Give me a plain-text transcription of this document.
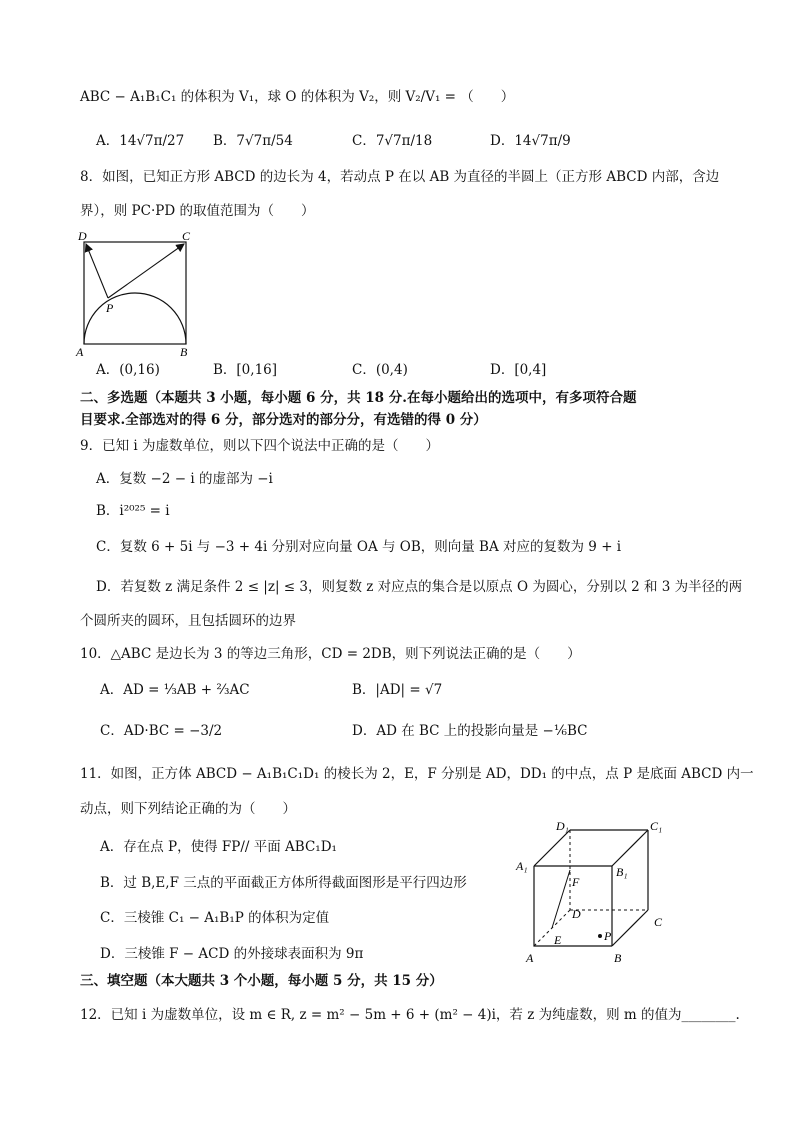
ABC − A₁B₁C₁ 的体积为 V₁，球 O 的体积为 V₂，则 V₂/V₁ = （　　）
A．14√7π/27 B．7√7π/54	C．7√7π/18	D．14√7π/9
8．如图，已知正方形 ABCD 的边长为 4，若动点 P 在以 AB 为直径的半圆上（正方形 ABCD 内部，含边
界），则 PC·PD 的取值范围为（　　）
D	C
A	B
P
A．(0,16)	B．[0,16]	C．(0,4)	D．[0,4]
二、多选题（本题共 3 小题，每小题 6 分，共 18 分.在每小题给出的选项中，有多项符合题
目要求.全部选对的得 6 分，部分选对的部分分，有选错的得 0 分）
9．已知 i 为虚数单位，则以下四个说法中正确的是（　　）
A．复数 −2 − i 的虚部为 −i
B．i²⁰²⁵ = i
C．复数 6 + 5i 与 −3 + 4i 分别对应向量 OA 与 OB，则向量 BA 对应的复数为 9 + i
D．若复数 z 满足条件 2 ≤ |z| ≤ 3，则复数 z 对应点的集合是以原点 O 为圆心，分别以 2 和 3 为半径的两
个圆所夹的圆环，且包括圆环的边界
10．△ABC 是边长为 3 的等边三角形，CD = 2DB，则下列说法正确的是（　　）
A．AD = ⅓AB + ⅔AC	B．|AD| = √7
C．AD·BC = −3/2	D．AD 在 BC 上的投影向量是 −⅙BC
11．如图，正方体 ABCD − A₁B₁C₁D₁ 的棱长为 2，E，F 分别是 AD，DD₁ 的中点，点 P 是底面 ABCD 内一
动点，则下列结论正确的为（　　）
A．存在点 P，使得 FP// 平面 ABC₁D₁
B．过 B,E,F 三点的平面截正方体所得截面图形是平行四边形
C．三棱锥 C₁ − A₁B₁P 的体积为定值
D．三棱锥 F − ACD 的外接球表面积为 9π
A₁
D₁	C₁
B₁
F
D
C
E	P
A	B
三、填空题（本大题共 3 个小题，每小题 5 分，共 15 分）
12．已知 i 为虚数单位，设 m ∈ R, z = m² − 5m + 6 + (m² − 4)i，若 z 为纯虚数，则 m 的值为________.
